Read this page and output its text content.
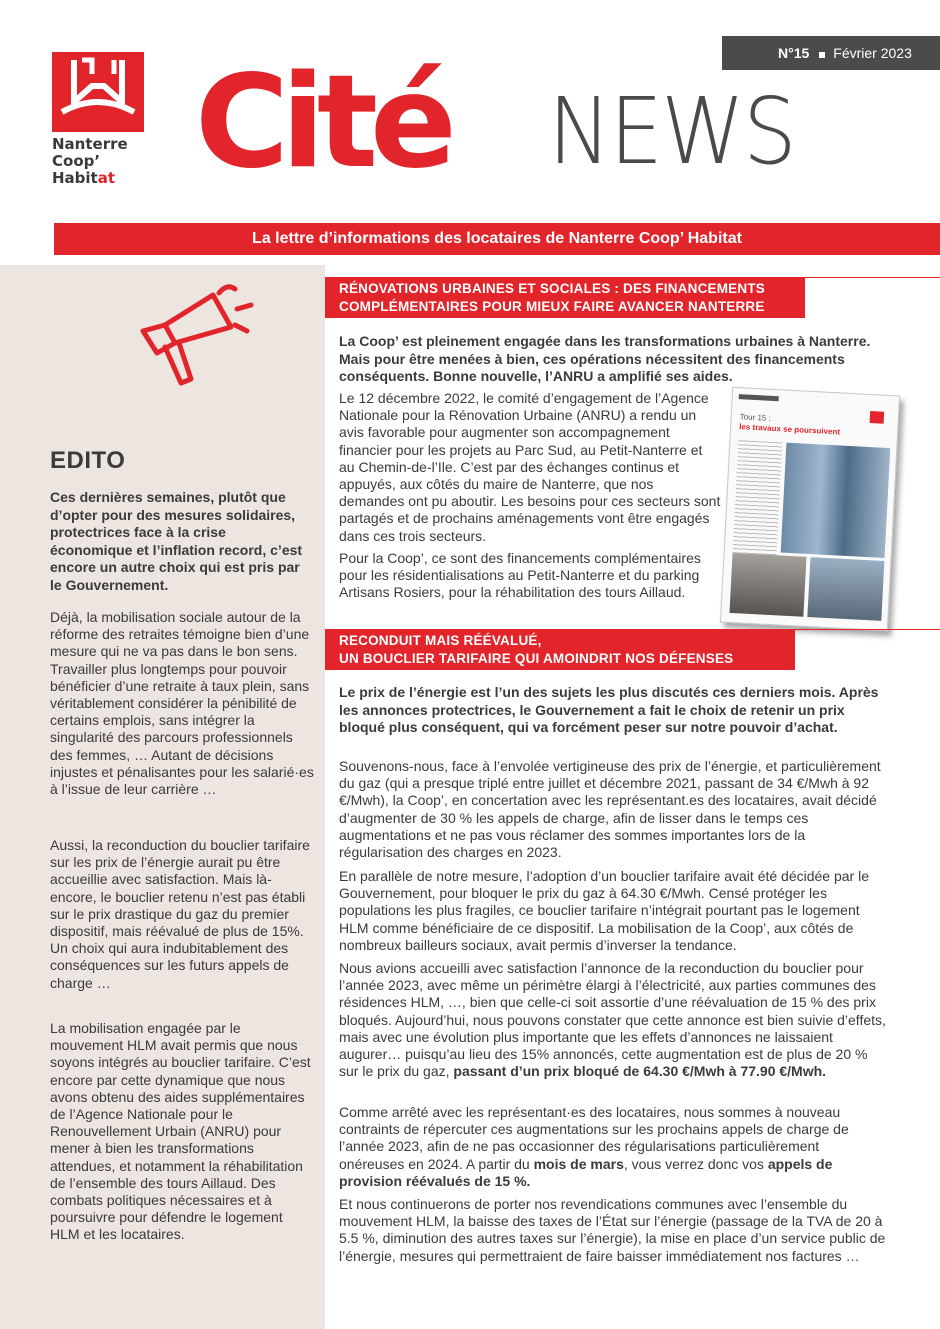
Nanterre
Coop’
Habitat
N°15 Février 2023
Cité NEWS
La lettre d’informations des locataires de Nanterre Coop’ Habitat
EDITO
Ces dernières semaines, plutôt que d’opter pour des mesures solidaires, protectrices face à la crise économique et l’inflation record, c’est encore un autre choix qui est pris par le Gouvernement.
Déjà, la mobilisation sociale autour de la réforme des retraites témoigne bien d’une mesure qui ne va pas dans le bon sens. Travailler plus longtemps pour pouvoir bénéficier d’une retraite à taux plein, sans véritablement considérer la pénibilité de certains emplois, sans intégrer la singularité des parcours professionnels des femmes, … Autant de décisions injustes et pénalisantes pour les salarié·es à l’issue de leur carrière …
Aussi, la reconduction du bouclier tarifaire sur les prix de l’énergie aurait pu être accueillie avec satisfaction. Mais là-encore, le bouclier retenu n’est pas établi sur le prix drastique du gaz du premier dispositif, mais réévalué de plus de 15%. Un choix qui aura indubitablement des conséquences sur les futurs appels de charge …
La mobilisation engagée par le mouvement HLM avait permis que nous soyons intégrés au bouclier tarifaire. C’est encore par cette dynamique que nous avons obtenu des aides supplémentaires de l’Agence Nationale pour le Renouvellement Urbain (ANRU) pour mener à bien les transformations attendues, et notamment la réhabilitation de l’ensemble des tours Aillaud. Des combats politiques nécessaires et à poursuivre pour défendre le logement HLM et les locataires.
RÉNOVATIONS URBAINES ET SOCIALES : DES FINANCEMENTS
COMPLÉMENTAIRES POUR MIEUX FAIRE AVANCER NANTERRE
La Coop’ est pleinement engagée dans les transformations urbaines à Nanterre. Mais pour être menées à bien, ces opérations nécessitent des financements conséquents. Bonne nouvelle, l’ANRU a amplifié ses aides.
Le 12 décembre 2022, le comité d’engagement de l’Agence Nationale pour la Rénovation Urbaine (ANRU) a rendu un avis favorable pour augmenter son accompagnement financier pour les projets au Parc Sud, au Petit-Nanterre et au Chemin-de-l’Ile. C’est par des échanges continus et appuyés, aux côtés du maire de Nanterre, que nos demandes ont pu aboutir. Les besoins pour ces secteurs sont partagés et de prochains aménagements vont être engagés dans ces trois secteurs.
Pour la Coop’, ce sont des financements complémentaires pour les résidentialisations au Petit-Nanterre et du parking Artisans Rosiers, pour la réhabilitation des tours Aillaud.
Tour 15 :
les travaux se poursuivent
RECONDUIT MAIS RÉÉVALUÉ,
UN BOUCLIER TARIFAIRE QUI AMOINDRIT NOS DÉFENSES
Le prix de l’énergie est l’un des sujets les plus discutés ces derniers mois. Après les annonces protectrices, le Gouvernement a fait le choix de retenir un prix bloqué plus conséquent, qui va forcément peser sur notre pouvoir d’achat.
Souvenons-nous, face à l’envolée vertigineuse des prix de l’énergie, et particulièrement du gaz (qui a presque triplé entre juillet et décembre 2021, passant de 34 €/Mwh à 92 €/Mwh), la Coop’, en concertation avec les représentant.es des locataires, avait décidé d’augmenter de 30 % les appels de charge, afin de lisser dans le temps ces augmentations et ne pas vous réclamer des sommes importantes lors de la régularisation des charges en 2023.
En parallèle de notre mesure, l’adoption d’un bouclier tarifaire avait été décidée par le Gouvernement, pour bloquer le prix du gaz à 64.30 €/Mwh. Censé protéger les populations les plus fragiles, ce bouclier tarifaire n’intégrait pourtant pas le logement HLM comme bénéficiaire de ce dispositif. La mobilisation de la Coop’, aux côtés de nombreux bailleurs sociaux, avait permis d’inverser la tendance.
Nous avions accueilli avec satisfaction l’annonce de la reconduction du bouclier pour l’année 2023, avec même un périmètre élargi à l’électricité, aux parties communes des résidences HLM, …, bien que celle-ci soit assortie d’une réévaluation de 15 % des prix bloqués. Aujourd’hui, nous pouvons constater que cette annonce est bien suivie d’effets, mais avec une évolution plus importante que les effets d’annonces ne laissaient augurer… puisqu’au lieu des 15% annoncés, cette augmentation est de plus de 20 % sur le prix du gaz, passant d’un prix bloqué de 64.30 €/Mwh à 77.90 €/Mwh.
Comme arrêté avec les représentant·es des locataires, nous sommes à nouveau contraints de répercuter ces augmentations sur les prochains appels de charge de l’année 2023, afin de ne pas occasionner des régularisations particulièrement onéreuses en 2024. A partir du mois de mars, vous verrez donc vos appels de provision réévalués de 15 %.
Et nous continuerons de porter nos revendications communes avec l’ensemble du mouvement HLM, la baisse des taxes de l’État sur l’énergie (passage de la TVA de 20 à 5.5 %, diminution des autres taxes sur l’énergie), la mise en place d’un service public de l’énergie, mesures qui permettraient de faire baisser immédiatement nos factures …
